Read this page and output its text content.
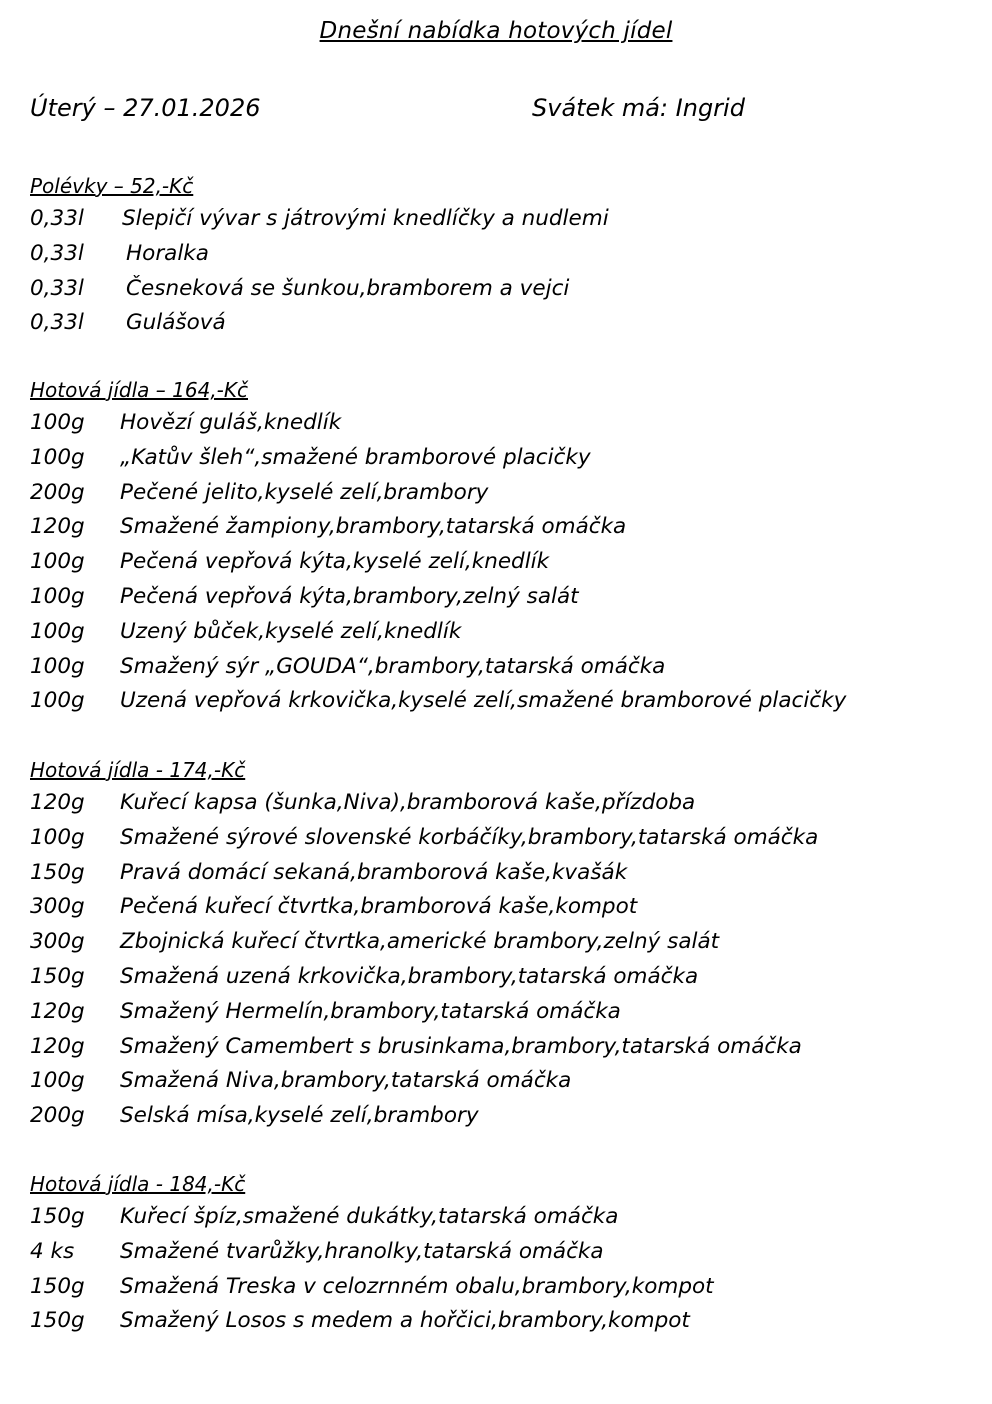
Dnešní nabídka hotových jídel
Úterý – 27.01.2026	Svátek má: Ingrid
Polévky – 52,-Kč
0,33l Slepičí vývar s játrovými knedlíčky a nudlemi
0,33l Horalka
0,33l Česneková se šunkou,bramborem a vejci
0,33l Gulášová
Hotová jídla – 164,-Kč
100g Hovězí guláš,knedlík
100g „Katův šleh“,smažené bramborové placičky
200g Pečené jelito,kyselé zelí,brambory
120g Smažené žampiony,brambory,tatarská omáčka
100g Pečená vepřová kýta,kyselé zelí,knedlík
100g Pečená vepřová kýta,brambory,zelný salát
100g Uzený bůček,kyselé zelí,knedlík
100g Smažený sýr „GOUDA“,brambory,tatarská omáčka
100g Uzená vepřová krkovička,kyselé zelí,smažené bramborové placičky
Hotová jídla - 174,-Kč
120g Kuřecí kapsa (šunka,Niva),bramborová kaše,přízdoba
100g Smažené sýrové slovenské korbáčíky,brambory,tatarská omáčka
150g Pravá domácí sekaná,bramborová kaše,kvašák
300g Pečená kuřecí čtvrtka,bramborová kaše,kompot
300g Zbojnická kuřecí čtvrtka,americké brambory,zelný salát
150g Smažená uzená krkovička,brambory,tatarská omáčka
120g Smažený Hermelín,brambory,tatarská omáčka
120g Smažený Camembert s brusinkama,brambory,tatarská omáčka
100g Smažená Niva,brambory,tatarská omáčka
200g Selská mísa,kyselé zelí,brambory
Hotová jídla - 184,-Kč
150g Kuřecí špíz,smažené dukátky,tatarská omáčka
4 ks Smažené tvarůžky,hranolky,tatarská omáčka
150g Smažená Treska v celozrnném obalu,brambory,kompot
150g Smažený Losos s medem a hořčici,brambory,kompot
